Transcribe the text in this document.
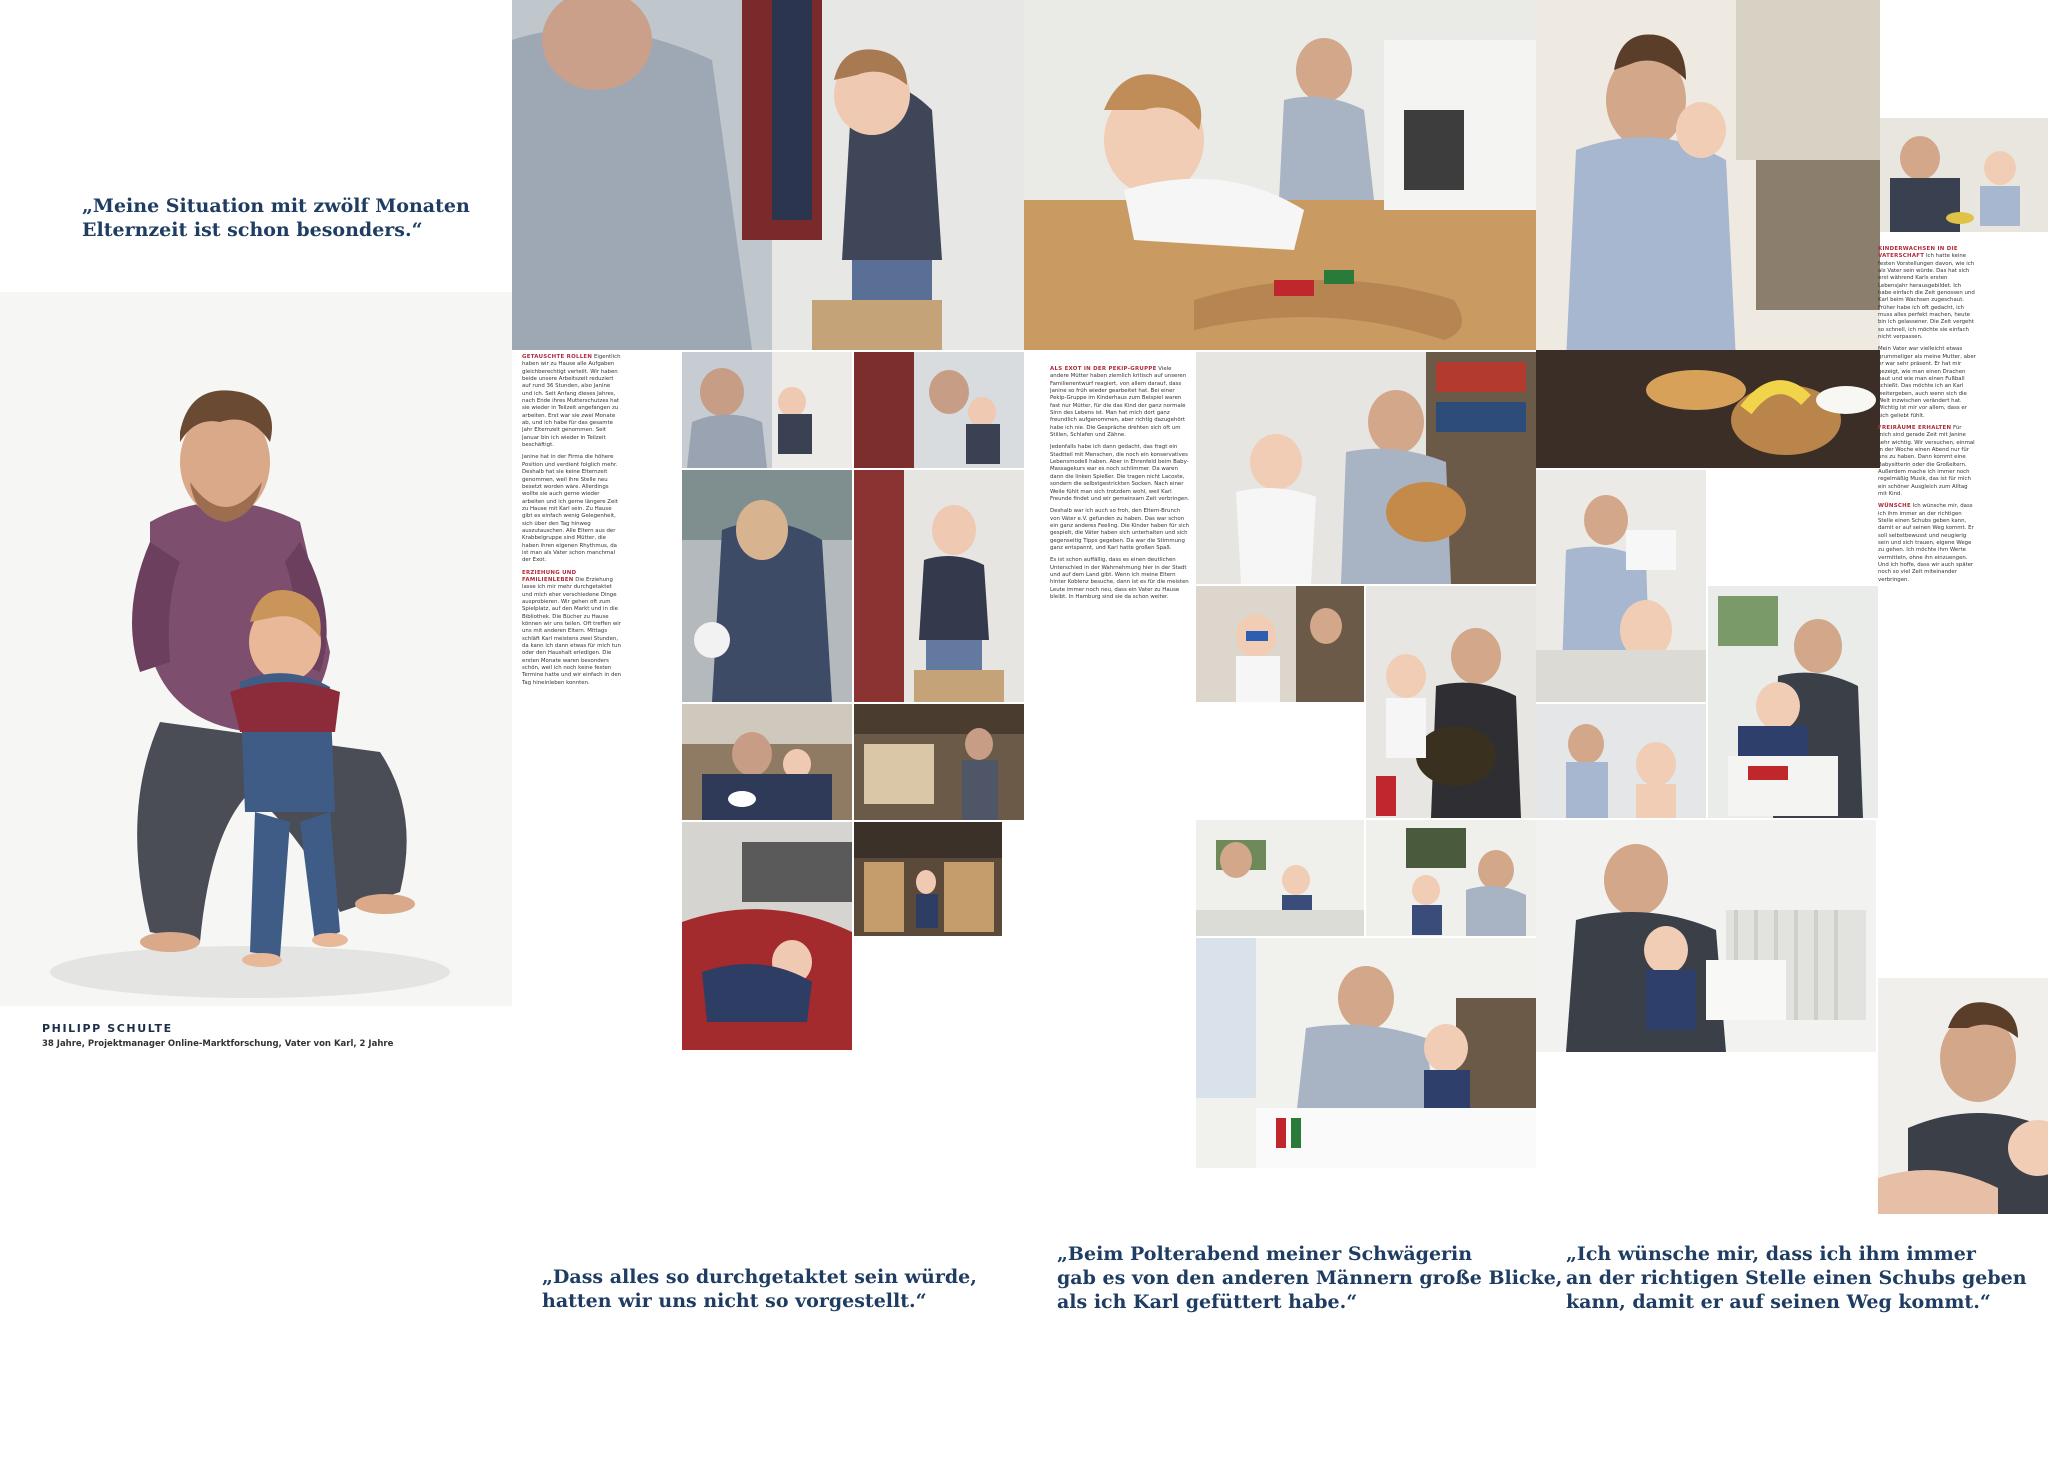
„Meine Situation mit zwölf Monaten
Elternzeit ist schon besonders.“
PHILIPP SCHULTE
38 Jahre, Projektmanager Online-Marktforschung, Vater von Karl, 2 Jahre

GETAUSCHTE ROLLEN Eigentlich haben wir zu Hause alle Aufgaben gleichberechtigt verteilt. Wir haben beide unsere Arbeitszeit reduziert auf rund 36 Stunden, also Janine und ich. Seit Anfang dieses Jahres, nach Ende ihres Mutterschutzes hat sie wieder in Teilzeit angefangen zu arbeiten. Erst war sie zwei Monate ab, und ich habe für das gesamte Jahr Elternzeit genommen. Seit Januar bin ich wieder in Teilzeit beschäftigt.

Janine hat in der Firma die höhere Position und verdient folglich mehr. Deshalb hat sie keine Elternzeit genommen, weil ihre Stelle neu besetzt worden wäre. Allerdings wollte sie auch gerne wieder arbeiten und ich gerne längere Zeit zu Hause mit Karl sein. Zu Hause gibt es einfach wenig Gelegenheit, sich über den Tag hinweg auszutauschen. Alle Eltern aus der Krabbelgruppe sind Mütter, die haben ihren eigenen Rhythmus, da ist man als Vater schon manchmal der Exot.

ERZIEHUNG UND FAMILIENLEBEN Die Erziehung lasse ich mir mehr durchgetaktet und mich eher verschiedene Dinge ausprobieren. Wir gehen oft zum Spielplatz, auf den Markt und in die Bibliothek. Die Bücher zu Hause können wir uns teilen. Oft treffen wir uns mit anderen Eltern. Mittags schläft Karl meistens zwei Stunden, da kann ich dann etwas für mich tun oder den Haushalt erledigen. Die ersten Monate waren besonders schön, weil ich noch keine festen Termine hatte und wir einfach in den Tag hineinleben konnten.

„Dass alles so durchgetaktet sein würde,
hatten wir uns nicht so vorgestellt.“

ALS EXOT IN DER PEKIP-GRUPPE Viele andere Mütter haben ziemlich kritisch auf unseren Familienentwurf reagiert, von allem darauf, dass Janine so früh wieder gearbeitet hat. Bei einer Pekip-Gruppe im Kinderhaus zum Beispiel waren fast nur Mütter, für die das Kind der ganz normale Sinn des Lebens ist. Man hat mich dort ganz freundlich aufgenommen, aber richtig dazugehört habe ich nie. Die Gespräche drehten sich oft um Stillen, Schlafen und Zähne.

Jedenfalls habe ich dann gedacht, das fragt ein Stadtteil mit Menschen, die noch ein konservatives Lebensmodell haben. Aber in Ehrenfeld beim Baby-Massagekurs war es noch schlimmer. Da waren dann die linken Spießer. Die tragen nicht Lacoste, sondern die selbstgestrickten Socken. Nach einer Weile fühlt man sich trotzdem wohl, weil Karl Freunde findet und wir gemeinsam Zeit verbringen.

Deshalb war ich auch so froh, den Eltern-Brunch von Väter e.V. gefunden zu haben. Das war schon ein ganz anderes Feeling. Die Kinder haben für sich gespielt, die Väter haben sich unterhalten und sich gegenseitig Tipps gegeben. Da war die Stimmung ganz entspannt, und Karl hatte großen Spaß.

Es ist schon auffällig, dass es einen deutlichen Unterschied in der Wahrnehmung hier in der Stadt und auf dem Land gibt. Wenn ich meine Eltern hinter Koblenz besuche, dann ist es für die meisten Leute immer noch neu, dass ein Vater zu Hause bleibt. In Hamburg sind sie da schon weiter.

„Beim Polterabend meiner Schwägerin
gab es von den anderen Männern große Blicke,
als ich Karl gefüttert habe.“

KINDERWACHSEN IN DIE VATERSCHAFT Ich hatte keine festen Vorstellungen davon, wie ich als Vater sein würde. Das hat sich erst während Karls ersten Lebensjahr herausgebildet. Ich habe einfach die Zeit genossen und Karl beim Wachsen zugeschaut. Früher habe ich oft gedacht, ich muss alles perfekt machen, heute bin ich gelassener. Die Zeit vergeht so schnell, ich möchte sie einfach nicht verpassen.

Mein Vater war vielleicht etwas grummeliger als meine Mutter, aber er war sehr präsent. Er hat mir gezeigt, wie man einen Drachen baut und wie man einen Fußball schießt. Das möchte ich an Karl weitergeben, auch wenn sich die Welt inzwischen verändert hat. Wichtig ist mir vor allem, dass er sich geliebt fühlt.

FREIRÄUME ERHALTEN Für mich sind gerade Zeit mit Janine sehr wichtig. Wir versuchen, einmal in der Woche einen Abend nur für uns zu haben. Dann kommt eine Babysitterin oder die Großeltern. Außerdem mache ich immer noch regelmäßig Musik, das ist für mich ein schöner Ausgleich zum Alltag mit Kind.

WÜNSCHE Ich wünsche mir, dass ich ihm immer an der richtigen Stelle einen Schubs geben kann, damit er auf seinen Weg kommt. Er soll selbstbewusst und neugierig sein und sich trauen, eigene Wege zu gehen. Ich möchte ihm Werte vermitteln, ohne ihn einzuengen. Und ich hoffe, dass wir auch später noch so viel Zeit miteinander verbringen.

„Ich wünsche mir, dass ich ihm immer
an der richtigen Stelle einen Schubs geben
kann, damit er auf seinen Weg kommt.“
